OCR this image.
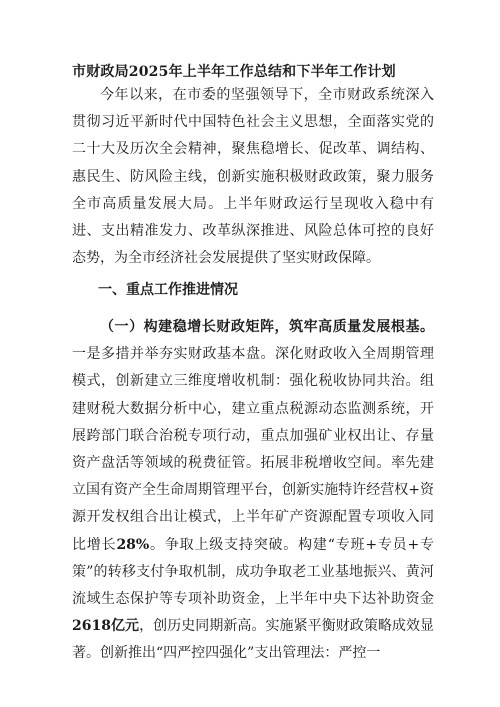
市财政局2025年上半年工作总结和下半年工作计划

今年以来，在市委的坚强领导下，全市财政系统深入贯彻习近平新时代中国特色社会主义思想，全面落实党的二十大及历次全会精神，聚焦稳增长、促改革、调结构、惠民生、防风险主线，创新实施积极财政政策，聚力服务全市高质量发展大局。上半年财政运行呈现收入稳中有进、支出精准发力、改革纵深推进、风险总体可控的良好态势，为全市经济社会发展提供了坚实财政保障。

一、重点工作推进情况

（一）构建稳增长财政矩阵，筑牢高质量发展根基。一是多措并举夯实财政基本盘。深化财政收入全周期管理模式，创新建立三维度增收机制：强化税收协同共治。组建财税大数据分析中心，建立重点税源动态监测系统，开展跨部门联合治税专项行动，重点加强矿业权出让、存量资产盘活等领域的税费征管。拓展非税增收空间。率先建立国有资产全生命周期管理平台，创新实施特许经营权+资源开发权组合出让模式，上半年矿产资源配置专项收入同比增长28%。争取上级支持突破。构建“专班+专员+专策”的转移支付争取机制，成功争取老工业基地振兴、黄河流域生态保护等专项补助资金，上半年中央下达补助资金2618亿元，创历史同期新高。实施紧平衡财政策略成效显著。创新推出“四严控四强化”支出管理法：严控一
